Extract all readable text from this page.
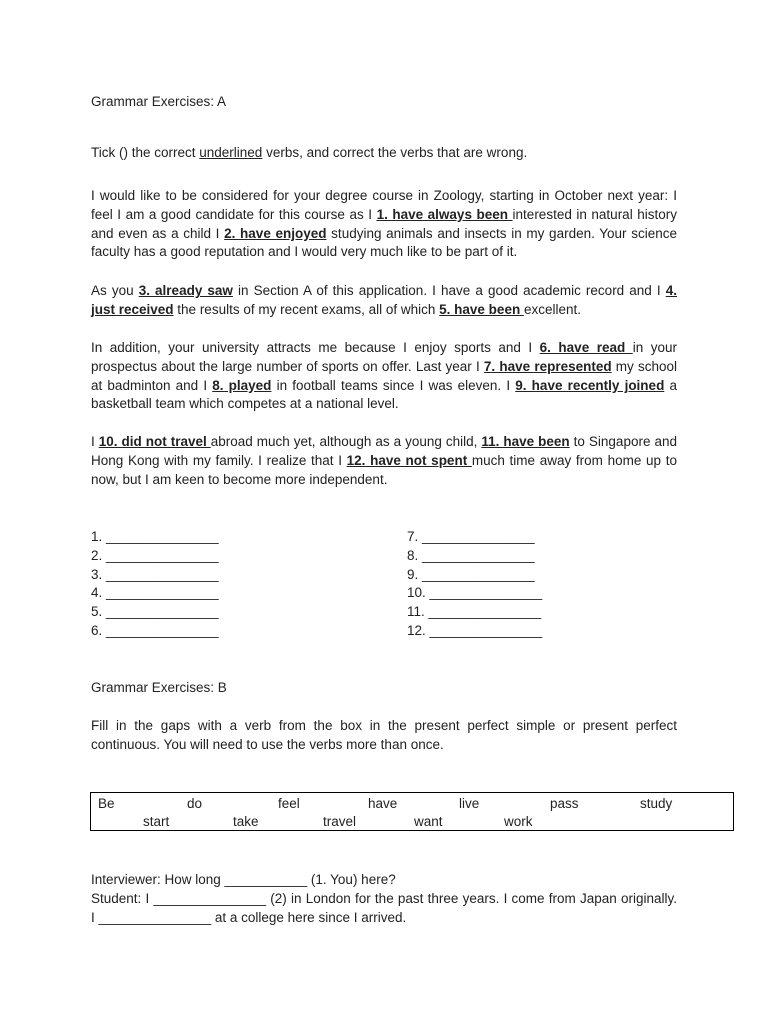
Grammar Exercises: A
Tick () the correct underlined verbs, and correct the verbs that are wrong.
I would like to be considered for your degree course in Zoology, starting in October next year: I feel I am a good candidate for this course as I 1. have always been interested in natural history and even as a child I 2. have enjoyed studying animals and insects in my garden. Your science faculty has a good reputation and I would very much like to be part of it.
As you 3. already saw in Section A of this application. I have a good academic record and I 4. just received the results of my recent exams, all of which 5. have been excellent.
In addition, your university attracts me because I enjoy sports and I 6. have read in your prospectus about the large number of sports on offer. Last year I 7. have represented my school at badminton and I 8. played in football teams since I was eleven. I 9. have recently joined a basketball team which competes at a national level.
I 10. did not travel abroad much yet, although as a young child, 11. have been to Singapore and Hong Kong with my family. I realize that I 12. have not spent much time away from home up to now, but I am keen to become more independent.
1. _______________
2. _______________
3. _______________
4. _______________
5. _______________
6. _______________
7. _______________
8. _______________
9. _______________
10. _______________
11. _______________
12. _______________
Grammar Exercises: B
Fill in the gaps with a verb from the box in the present perfect simple or present perfect continuous. You will need to use the verbs more than once.
Be	do	feel	have	live	pass	study
start	take	travel	want	work
Interviewer: How long ___________ (1. You) here?
Student: I _______________ (2) in London for the past three years. I come from Japan originally. I _______________ at a college here since I arrived.
